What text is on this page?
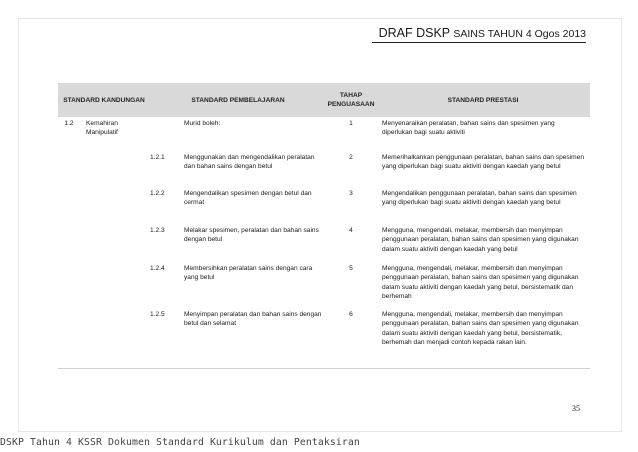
DRAF DSKP SAINS TAHUN 4 Ogos 2013
STANDARD KANDUNGAN		STANDARD PEMBELAJARAN		TAHAP PENGUASAAN	STANDARD PRESTASI
1.2	Kemahiran Manipulatif		Murid boleh:	1	Menyenaraikan peralatan, bahan sains dan spesimen yang diperlukan bagi suatu aktiviti
		1.2.1	Menggunakan dan mengendalikan peralatan dan bahan sains dengan betul	2	Memerihalkankan penggunaan peralatan, bahan sains dan spesimen yang diperlukan bagi suatu aktiviti dengan kaedah yang betul
		1.2.2	Mengendalikan spesimen dengan betul dan cermat	3	Mengendalikan penggunaan peralatan, bahan sains dan spesimen yang diperlukan bagi suatu aktiviti dengan kaedah yang betul
		1.2.3	Melakar spesimen, peralatan dan bahan sains dengan betul	4	Mengguna, mengendali, melakar, membersih dan menyimpan penggunaan peralatan, bahan sains dan spesimen yang digunakan dalam suatu aktiviti dengan kaedah yang betul
		1.2.4	Membersihkan peralatan sains dengan cara yang betul	5	Mengguna, mengendali, melakar, membersih dan menyimpan penggunaan peralatan, bahan sains dan spesimen yang digunakan dalam suatu aktiviti dengan kaedah yang betul, bersistematik dan berhemah
		1.2.5	Menyimpan peralatan dan bahan sains dengan betul dan selamat	6	Mengguna, mengendali, melakar, membersih dan menyimpan penggunaan peralatan, bahan sains dan spesimen yang digunakan dalam suatu aktiviti dengan kaedah yang betul, bersistematik, berhemah dan menjadi contoh kepada rakan lain.
35
DSKP Tahun 4 KSSR Dokumen Standard Kurikulum dan Pentaksiran
